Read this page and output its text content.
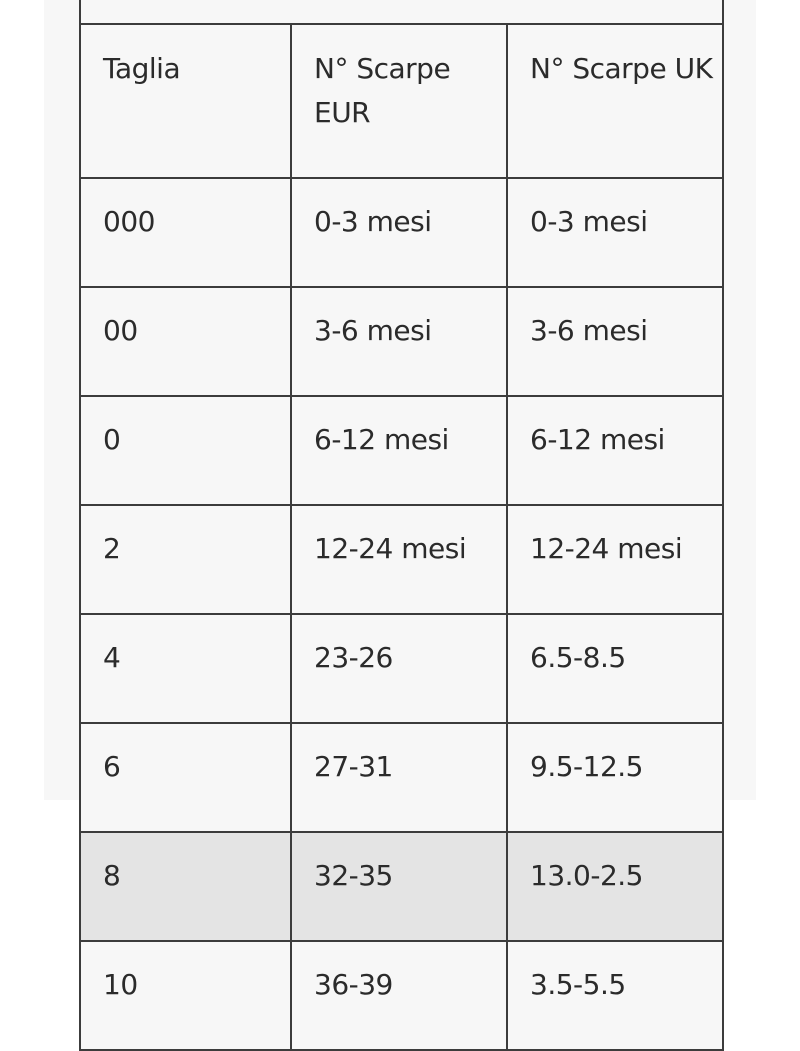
Taglia	N° Scarpe EUR	N° Scarpe UK

000	0-3 mesi	0-3 mesi

00	3-6 mesi	3-6 mesi

0	6-12 mesi	6-12 mesi

2	12-24 mesi	12-24 mesi

4	23-26	6.5-8.5

6	27-31	9.5-12.5

8	32-35	13.0-2.5

10	36-39	3.5-5.5
